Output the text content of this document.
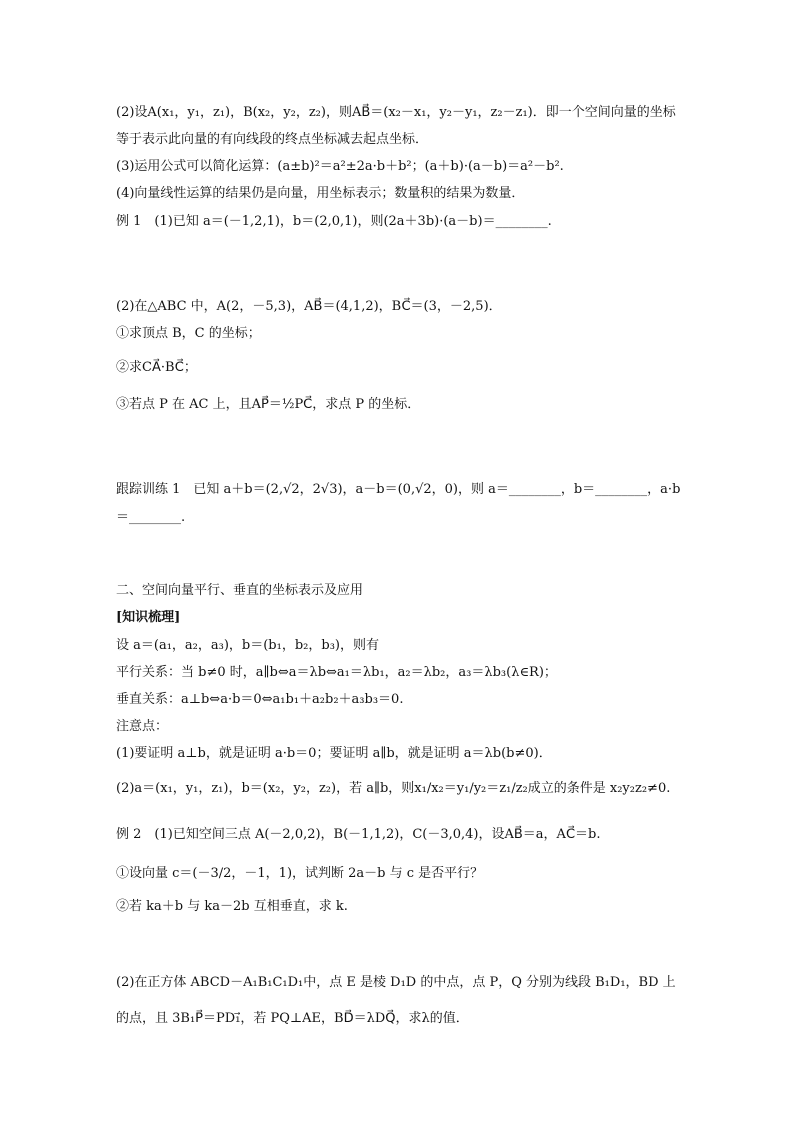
(2)设A(x₁，y₁，z₁)，B(x₂，y₂，z₂)，则AB⃗＝(x₂－x₁，y₂－y₁，z₂－z₁)．即一个空间向量的坐标
等于表示此向量的有向线段的终点坐标减去起点坐标．
(3)运用公式可以简化运算：(a±b)²＝a²±2a·b＋b²；(a＋b)·(a－b)＝a²－b².
(4)向量线性运算的结果仍是向量，用坐标表示；数量积的结果为数量．
例 1　(1)已知 a＝(－1,2,1)，b＝(2,0,1)，则(2a＋3b)·(a－b)＝________.
(2)在△ABC 中，A(2，－5,3)，AB⃗＝(4,1,2)，BC⃗＝(3，－2,5)．
①求顶点 B，C 的坐标；
②求CA⃗·BC⃗；
③若点 P 在 AC 上，且AP⃗＝½PC⃗，求点 P 的坐标．
跟踪训练 1　已知 a＋b＝(2,√2，2√3)，a－b＝(0,√2，0)，则 a＝________，b＝________，a·b
＝________.
二、空间向量平行、垂直的坐标表示及应用
[知识梳理]
设 a＝(a₁，a₂，a₃)，b＝(b₁，b₂，b₃)，则有
平行关系：当 b≠0 时，a∥b⇔a＝λb⇔a₁＝λb₁，a₂＝λb₂，a₃＝λb₃(λ∈R)；
垂直关系：a⊥b⇔a·b＝0⇔a₁b₁＋a₂b₂＋a₃b₃＝0.
注意点：
(1)要证明 a⊥b，就是证明 a·b＝0；要证明 a∥b，就是证明 a＝λb(b≠0)．
(2)a＝(x₁，y₁，z₁)，b＝(x₂，y₂，z₂)，若 a∥b，则x₁/x₂＝y₁/y₂＝z₁/z₂成立的条件是 x₂y₂z₂≠0.
例 2　(1)已知空间三点 A(－2,0,2)，B(－1,1,2)，C(－3,0,4)，设AB⃗＝a，AC⃗＝b.
①设向量 c＝(－3/2，－1，1)，试判断 2a－b 与 c 是否平行？
②若 ka＋b 与 ka－2b 互相垂直，求 k.
(2)在正方体 ABCD－A₁B₁C₁D₁中，点 E 是棱 D₁D 的中点，点 P，Q 分别为线段 B₁D₁，BD 上
的点，且 3B₁P⃗＝PD₁⃗，若 PQ⊥AE，BD⃗＝λDQ⃗，求λ的值．
